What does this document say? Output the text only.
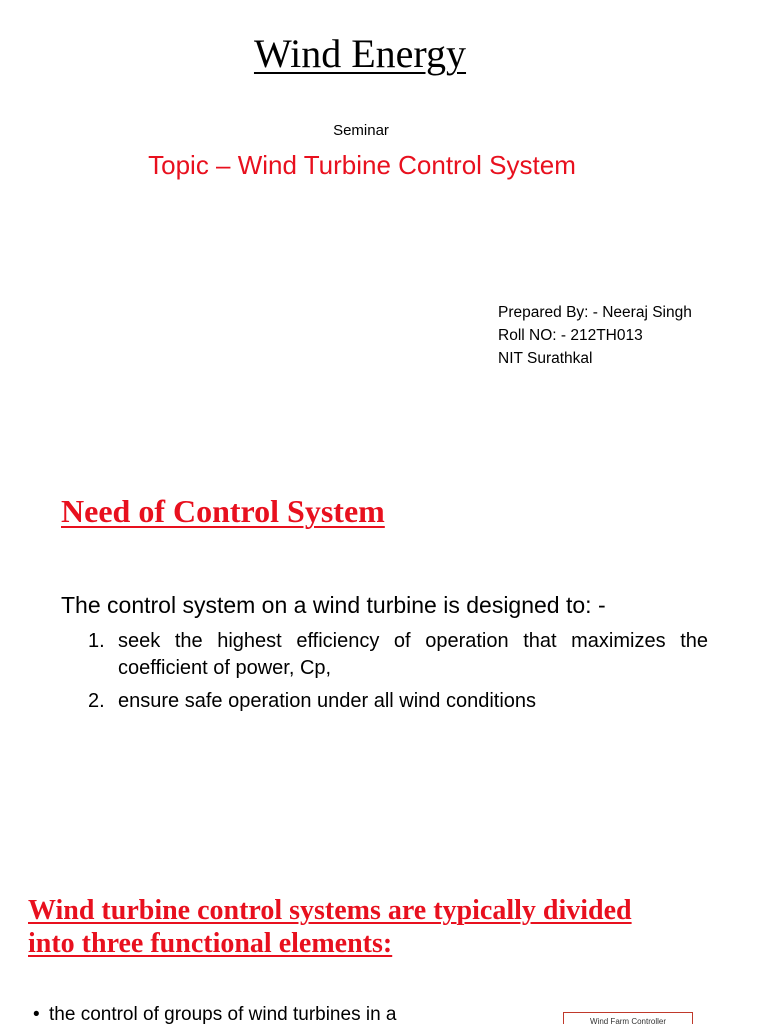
Wind Energy
Seminar
Topic – Wind Turbine Control System
Prepared By: - Neeraj Singh
Roll NO: - 212TH013
NIT Surathkal
Need of Control System
The control system on a wind turbine is designed to: -
1. seek the highest efficiency of operation that maximizes the coefficient of power, Cp,
2. ensure safe operation under all wind conditions
Wind turbine control systems are typically divided into three functional elements:
• the control of groups of wind turbines in a	Wind Farm Controller
